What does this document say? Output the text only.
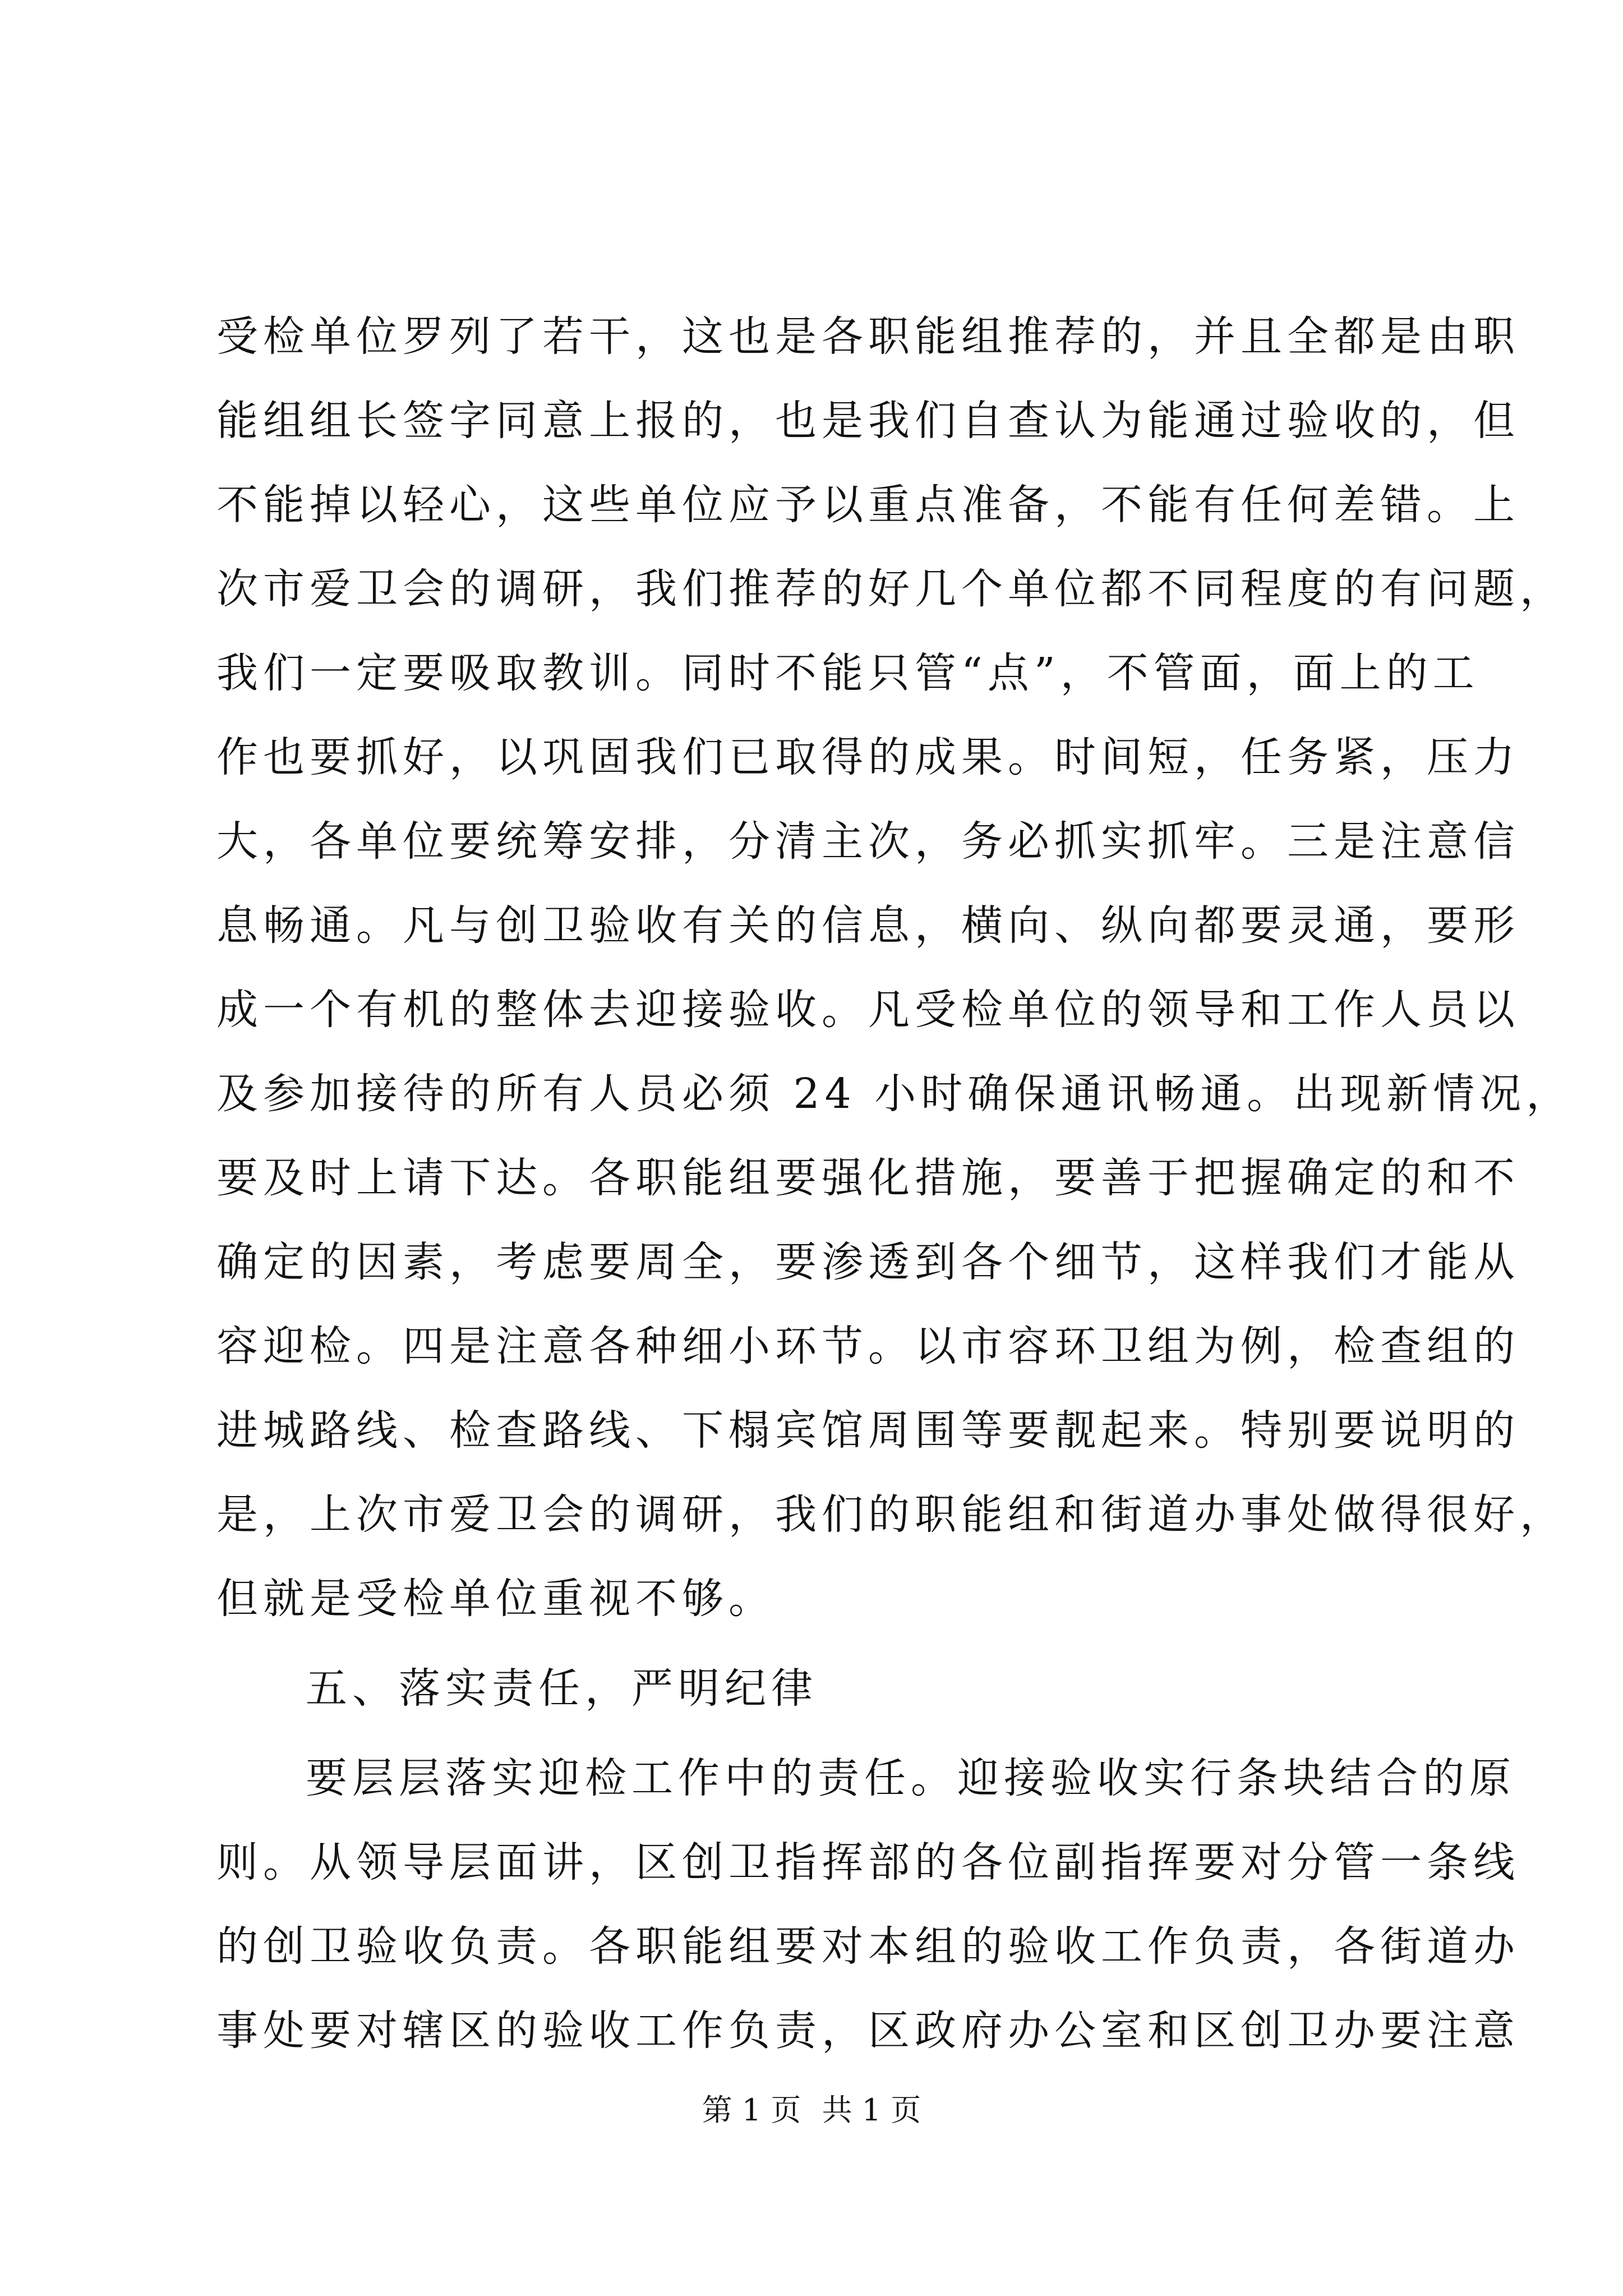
受检单位罗列了若干，这也是各职能组推荐的，并且全都是由职
能组组长签字同意上报的，也是我们自查认为能通过验收的，但
不能掉以轻心，这些单位应予以重点准备，不能有任何差错。上
次市爱卫会的调研，我们推荐的好几个单位都不同程度的有问题，
我们一定要吸取教训。同时不能只管“点”，不管面，面上的工
作也要抓好，以巩固我们已取得的成果。时间短，任务紧，压力
大，各单位要统筹安排，分清主次，务必抓实抓牢。三是注意信
息畅通。凡与创卫验收有关的信息，横向、纵向都要灵通，要形
成一个有机的整体去迎接验收。凡受检单位的领导和工作人员以
及参加接待的所有人员必须 24 小时确保通讯畅通。出现新情况，
要及时上请下达。各职能组要强化措施，要善于把握确定的和不
确定的因素，考虑要周全，要渗透到各个细节，这样我们才能从
容迎检。四是注意各种细小环节。以市容环卫组为例，检查组的
进城路线、检查路线、下榻宾馆周围等要靓起来。特别要说明的
是，上次市爱卫会的调研，我们的职能组和街道办事处做得很好，
但就是受检单位重视不够。
五、落实责任，严明纪律
要层层落实迎检工作中的责任。迎接验收实行条块结合的原
则。从领导层面讲，区创卫指挥部的各位副指挥要对分管一条线
的创卫验收负责。各职能组要对本组的验收工作负责，各街道办
事处要对辖区的验收工作负责，区政府办公室和区创卫办要注意
第 1 页 共 1 页
